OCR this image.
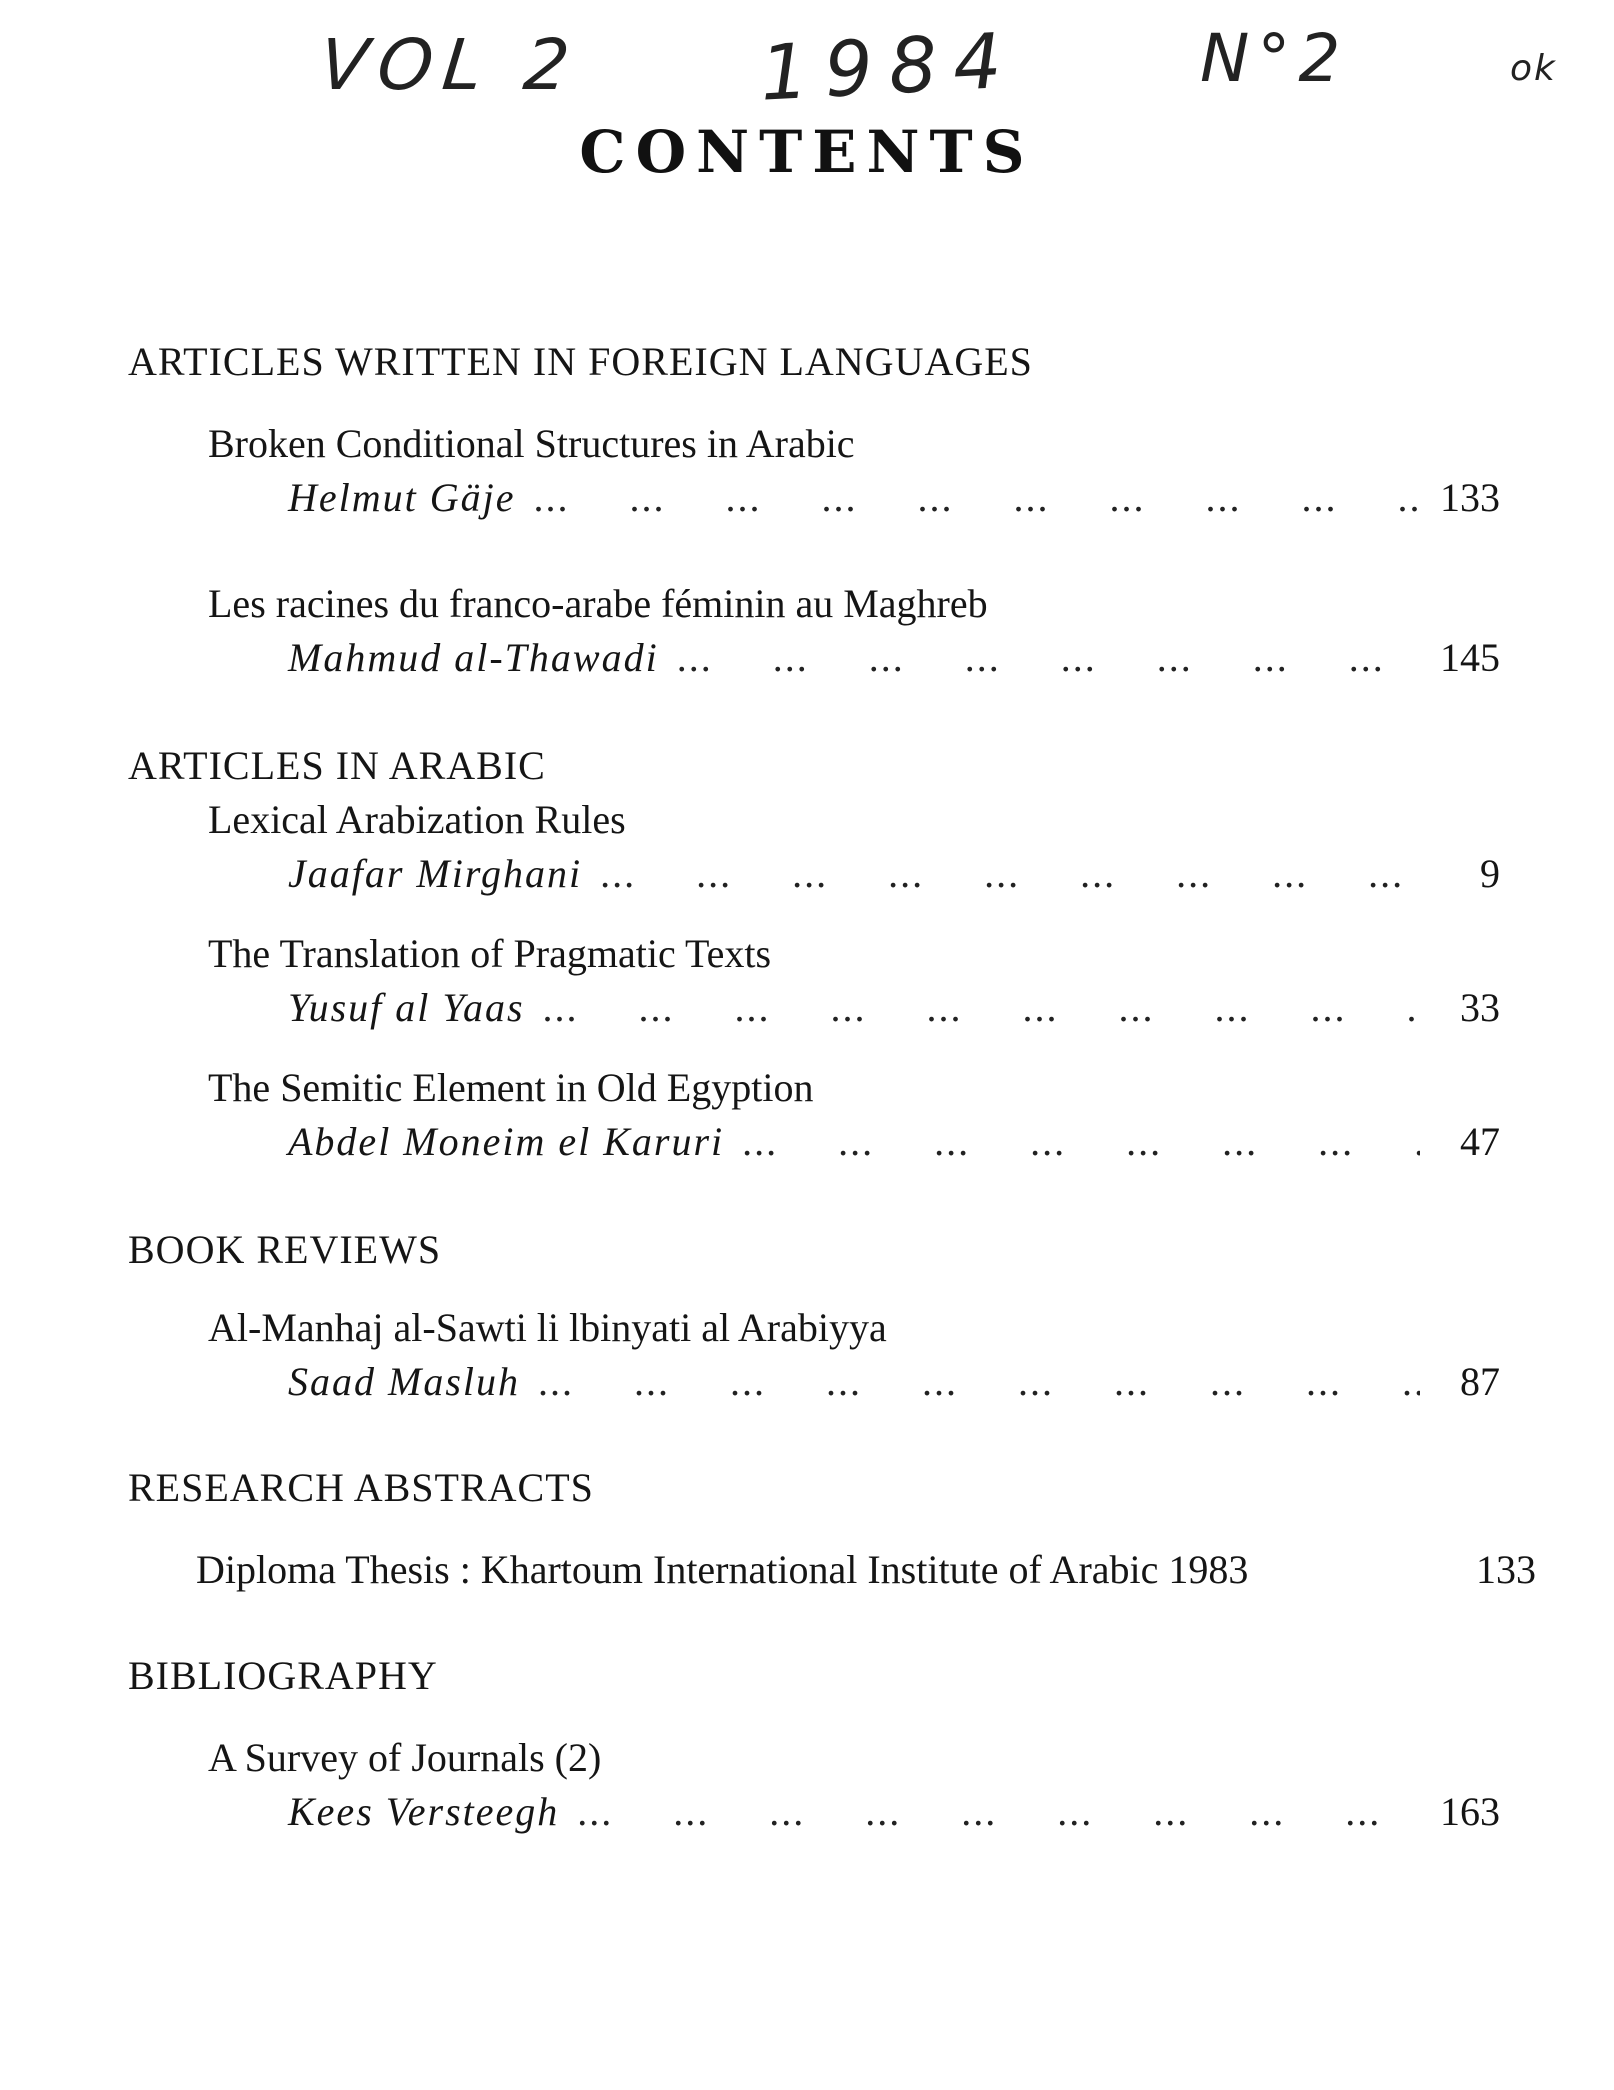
VOL 2 1984	N°2	ok
CONTENTS
ARTICLES WRITTEN IN FOREIGN LANGUAGES
Broken Conditional Structures in Arabic
Helmut Gäje ...	133
Les racines du franco-arabe féminin au Maghreb
Mahmud al-Thawadi ...	145
ARTICLES IN ARABIC
Lexical Arabization Rules
Jaafar Mirghani ...	9
The Translation of Pragmatic Texts
Yusuf al Yaas ...	33
The Semitic Element in Old Egyption
Abdel Moneim el Karuri ...	47
BOOK REVIEWS
Al-Manhaj al-Sawti li lbinyati al Arabiyya
Saad Masluh ...	87
RESEARCH ABSTRACTS
Diploma Thesis : Khartoum International Institute of Arabic 1983	133
BIBLIOGRAPHY
A Survey of Journals (2)
Kees Versteegh ...	163
